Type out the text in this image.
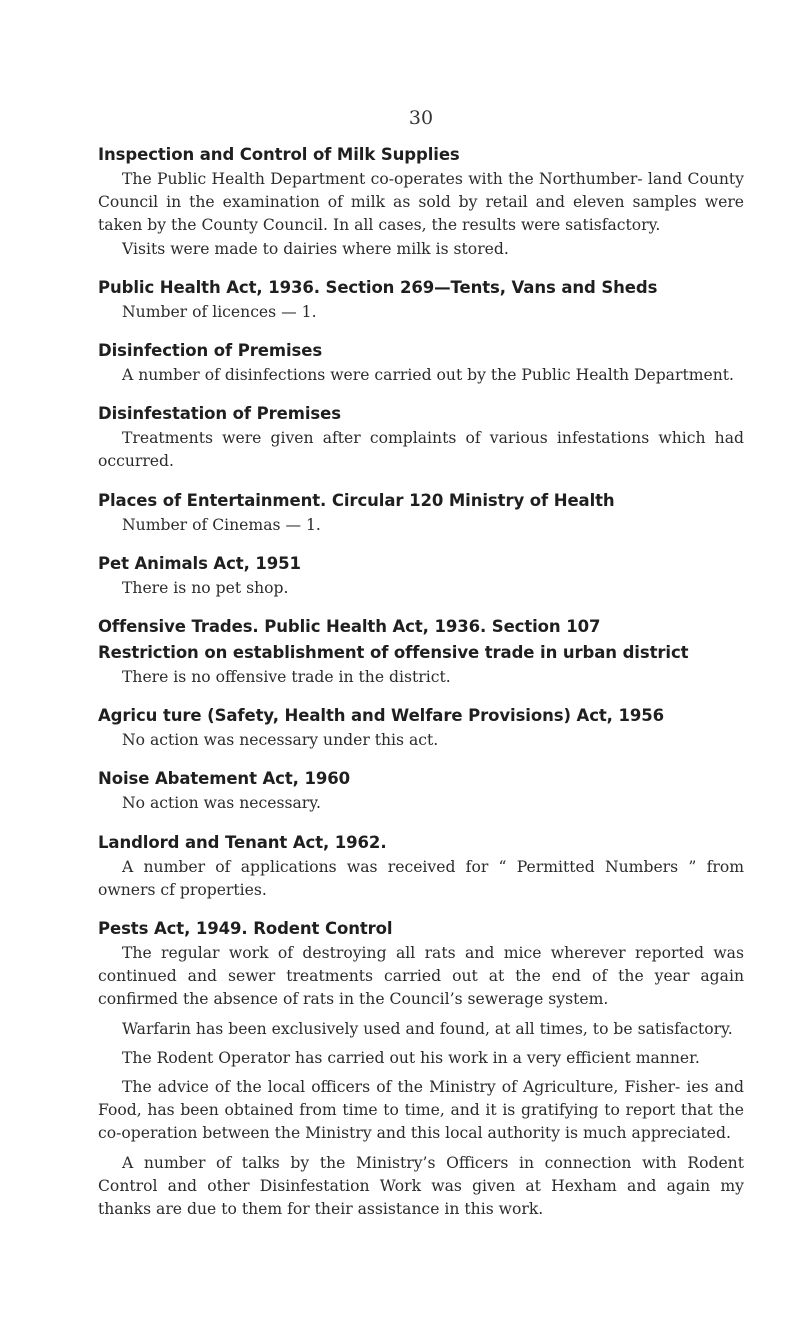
30
Inspection and Control of Milk Supplies

The Public Health Department co-operates with the Northumber- land County Council in the examination of milk as sold by retail and eleven samples were taken by the County Council. In all cases, the results were satisfactory.

Visits were made to dairies where milk is stored.

Public Health Act, 1936. Section 269—Tents, Vans and Sheds

Number of licences — 1.

Disinfection of Premises

A number of disinfections were carried out by the Public Health Department.

Disinfestation of Premises

Treatments were given after complaints of various infestations which had occurred.

Places of Entertainment. Circular 120 Ministry of Health

Number of Cinemas — 1.

Pet Animals Act, 1951

There is no pet shop.

Offensive Trades. Public Health Act, 1936. Section 107
Restriction on establishment of offensive trade in urban district

There is no offensive trade in the district.

Agricu ture (Safety, Health and Welfare Provisions) Act, 1956

No action was necessary under this act.

Noise Abatement Act, 1960

No action was necessary.

Landlord and Tenant Act, 1962.

A number of applications was received for “ Permitted Numbers ” from owners cf properties.

Pests Act, 1949. Rodent Control

The regular work of destroying all rats and mice wherever reported was continued and sewer treatments carried out at the end of the year again confirmed the absence of rats in the Council’s sewerage system.

Warfarin has been exclusively used and found, at all times, to be satisfactory.

The Rodent Operator has carried out his work in a very efficient manner.

The advice of the local officers of the Ministry of Agriculture, Fisher- ies and Food, has been obtained from time to time, and it is gratifying to report that the co-operation between the Ministry and this local authority is much appreciated.

A number of talks by the Ministry’s Officers in connection with Rodent Control and other Disinfestation Work was given at Hexham and again my thanks are due to them for their assistance in this work.
